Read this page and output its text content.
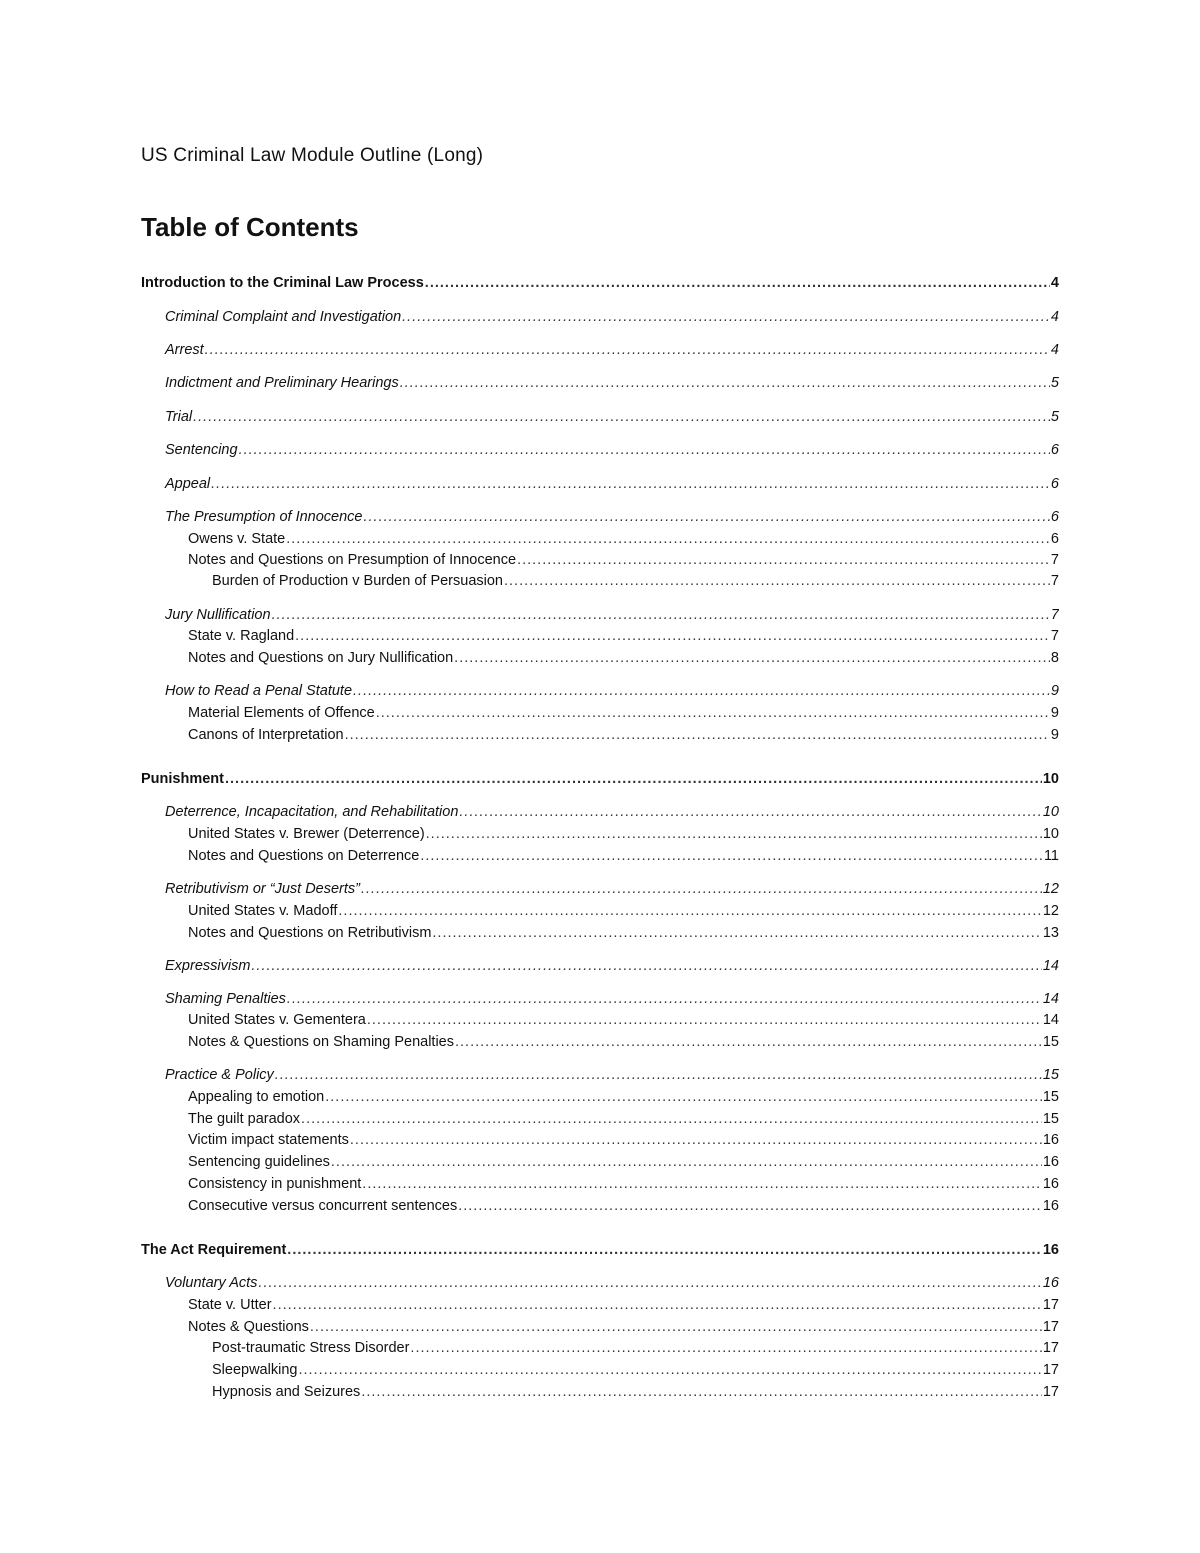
US Criminal Law Module Outline (Long)
Table of Contents
Introduction to the Criminal Law Process .....	4
Criminal Complaint and Investigation .....	4
Arrest .....	4
Indictment and Preliminary Hearings .....	5
Trial .....	5
Sentencing .....	6
Appeal .....	6
The Presumption of Innocence .....	6
Owens v. State .....	6
Notes and Questions on Presumption of Innocence .....	7
Burden of Production v Burden of Persuasion .....	7
Jury Nullification .....	7
State v. Ragland .....	7
Notes and Questions on Jury Nullification .....	8
How to Read a Penal Statute .....	9
Material Elements of Offence .....	9
Canons of Interpretation .....	9
Punishment .....	10
Deterrence, Incapacitation, and Rehabilitation .....	10
United States v. Brewer (Deterrence) .....	10
Notes and Questions on Deterrence .....	11
Retributivism or “Just Deserts” .....	12
United States v. Madoff .....	12
Notes and Questions on Retributivism .....	13
Expressivism .....	14
Shaming Penalties .....	14
United States v. Gementera .....	14
Notes & Questions on Shaming Penalties .....	15
Practice & Policy .....	15
Appealing to emotion .....	15
The guilt paradox .....	15
Victim impact statements .....	16
Sentencing guidelines .....	16
Consistency in punishment .....	16
Consecutive versus concurrent sentences .....	16
The Act Requirement .....	16
Voluntary Acts .....	16
State v. Utter .....	17
Notes & Questions .....	17
Post-traumatic Stress Disorder .....	17
Sleepwalking .....	17
Hypnosis and Seizures .....	17
